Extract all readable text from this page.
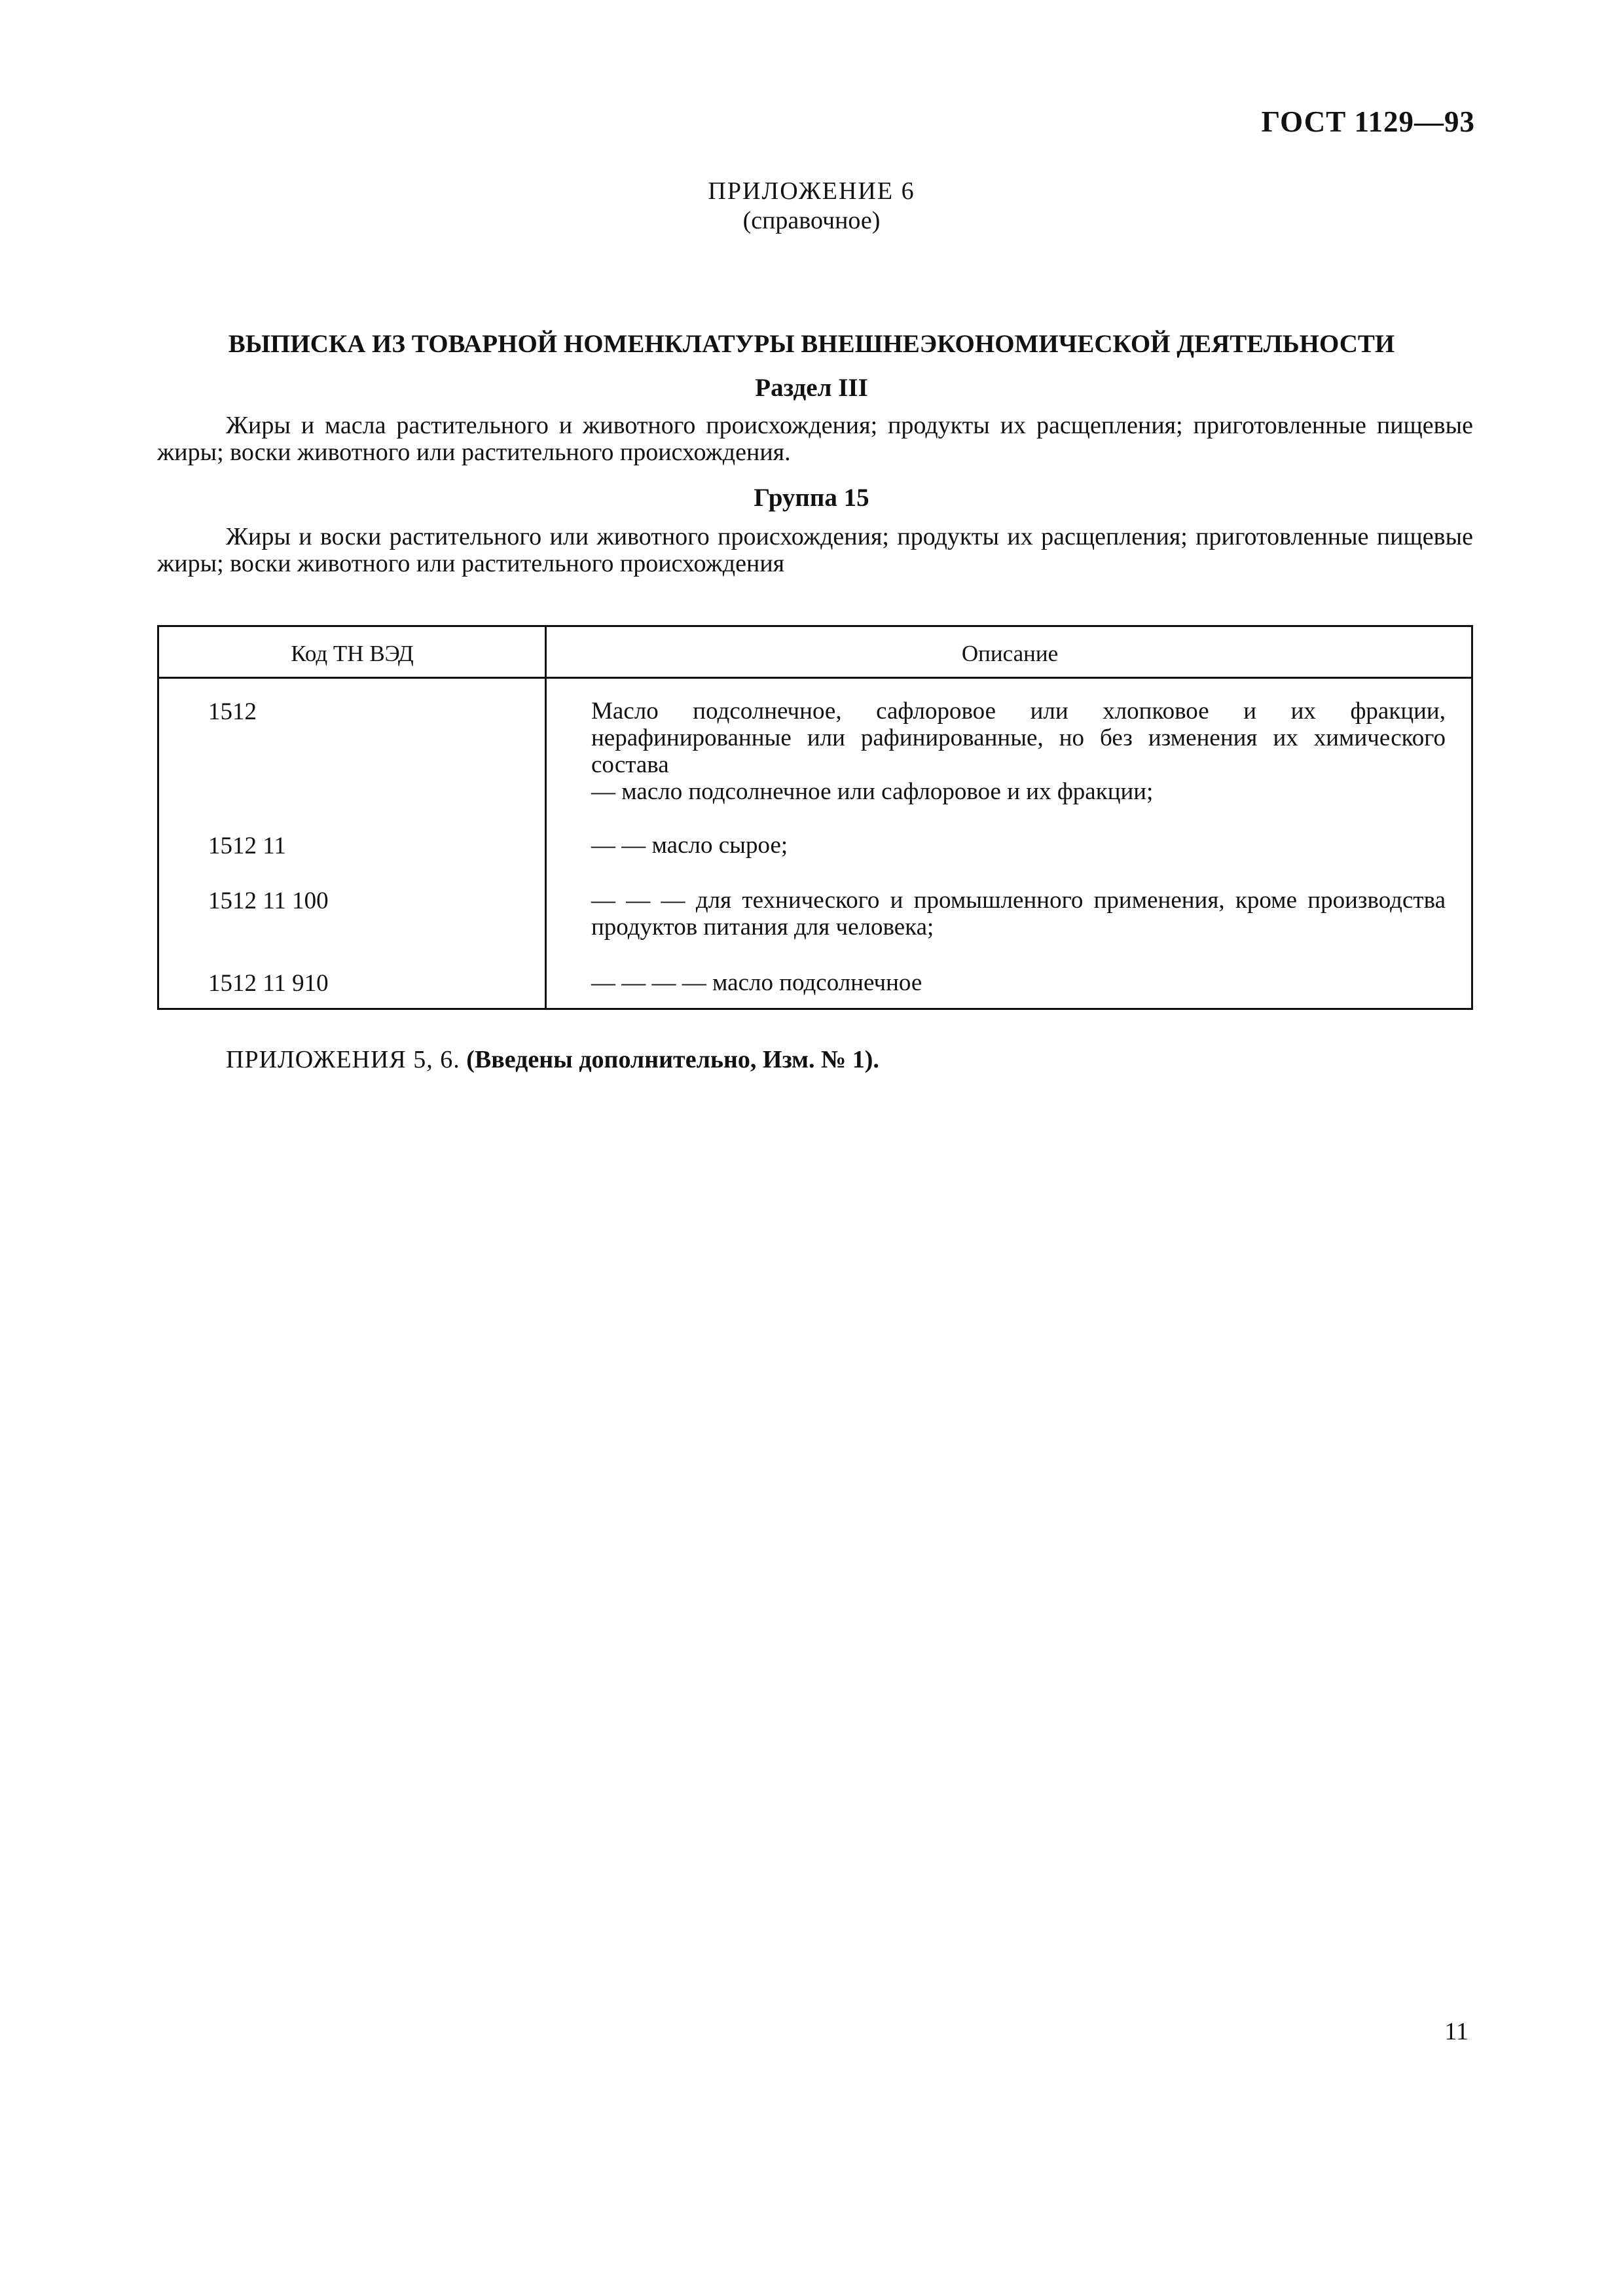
ГОСТ 1129—93
ПРИЛОЖЕНИЕ 6
(справочное)
ВЫПИСКА ИЗ ТОВАРНОЙ НОМЕНКЛАТУРЫ ВНЕШНЕЭКОНОМИЧЕСКОЙ ДЕЯТЕЛЬНОСТИ
Раздел III
Жиры и масла растительного и животного происхождения; продукты их расщепления; приготовленные пищевые жиры; воски животного или растительного происхождения.
Группа 15
Жиры и воски растительного или животного происхождения; продукты их расщепления; приготовленные пищевые жиры; воски животного или растительного происхождения
Код ТН ВЭД	Описание
1512	Масло подсолнечное, сафлоровое или хлопковое и их фракции, нерафинированные или рафинированные, но без изменения их химического состава
— масло подсолнечное или сафлоровое и их фракции;
1512 11	— — масло сырое;
1512 11 100	— — — для технического и промышленного применения, кроме производства продуктов питания для человека;
1512 11 910	— — — — масло подсолнечное
ПРИЛОЖЕНИЯ 5, 6. (Введены дополнительно, Изм. № 1).
11
